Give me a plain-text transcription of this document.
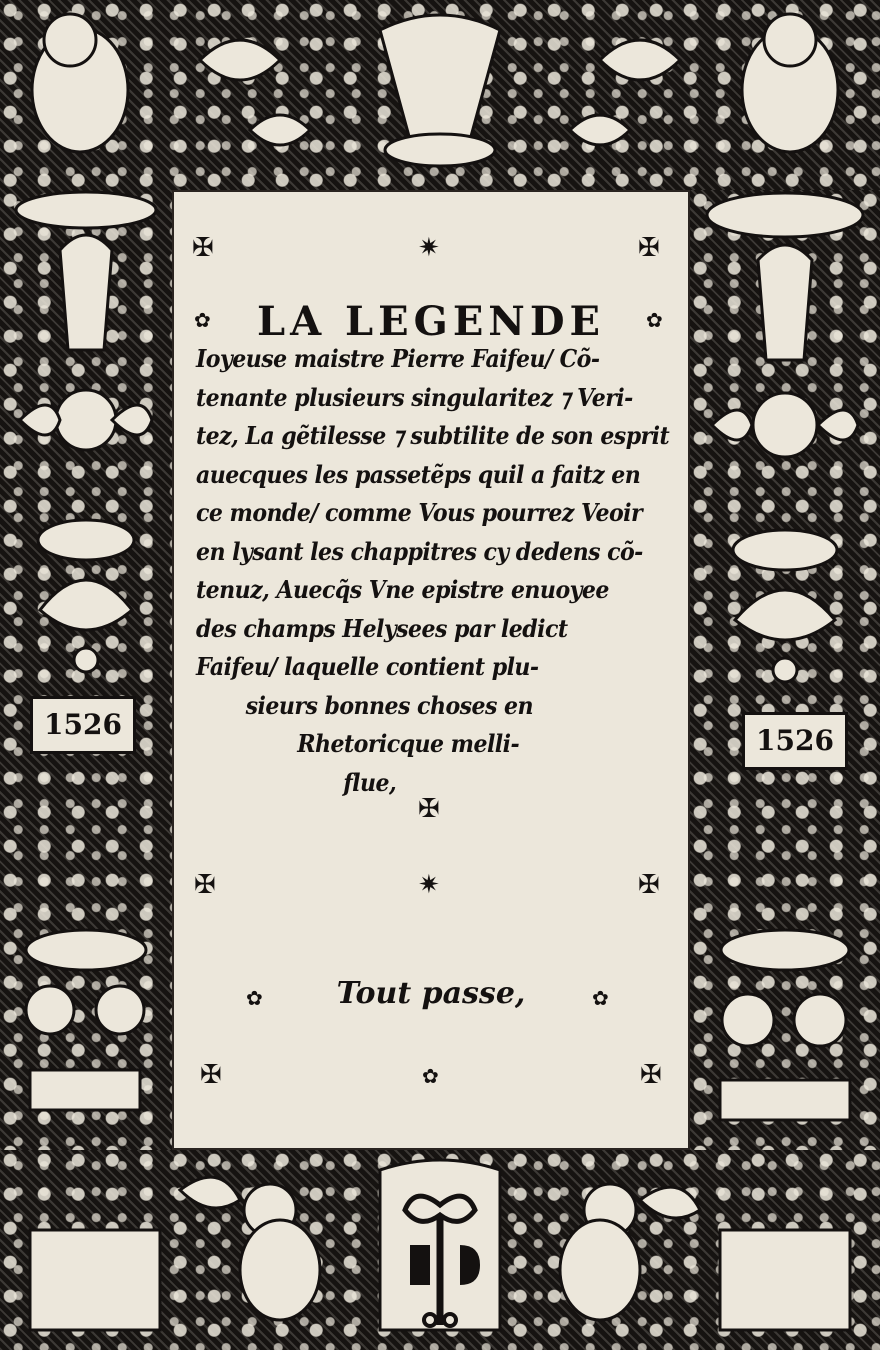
1526	1526
✠	✷	✠
✿	LA LEGENDE	✿
Ioyeuse maistre Pierre Faifeu/ Cõ-
tenante plusieurs singularitez ⁊ Veri-
tez, La gẽtilesse ⁊ subtilite de son esprit
auecques les passetẽps quil a faitz en
ce monde/ comme Vous pourrez Veoir
en lysant les chappitres cy dedens cõ-
tenuz, Auecq̃s Vne epistre enuoyee
des champs Helysees par ledict
Faifeu/ laquelle contient plu-
sieurs bonnes choses en
Rhetoricque melli-
flue,
✠
✠	✷	✠
✿	Tout passe,	✿
✠	✿	✠
